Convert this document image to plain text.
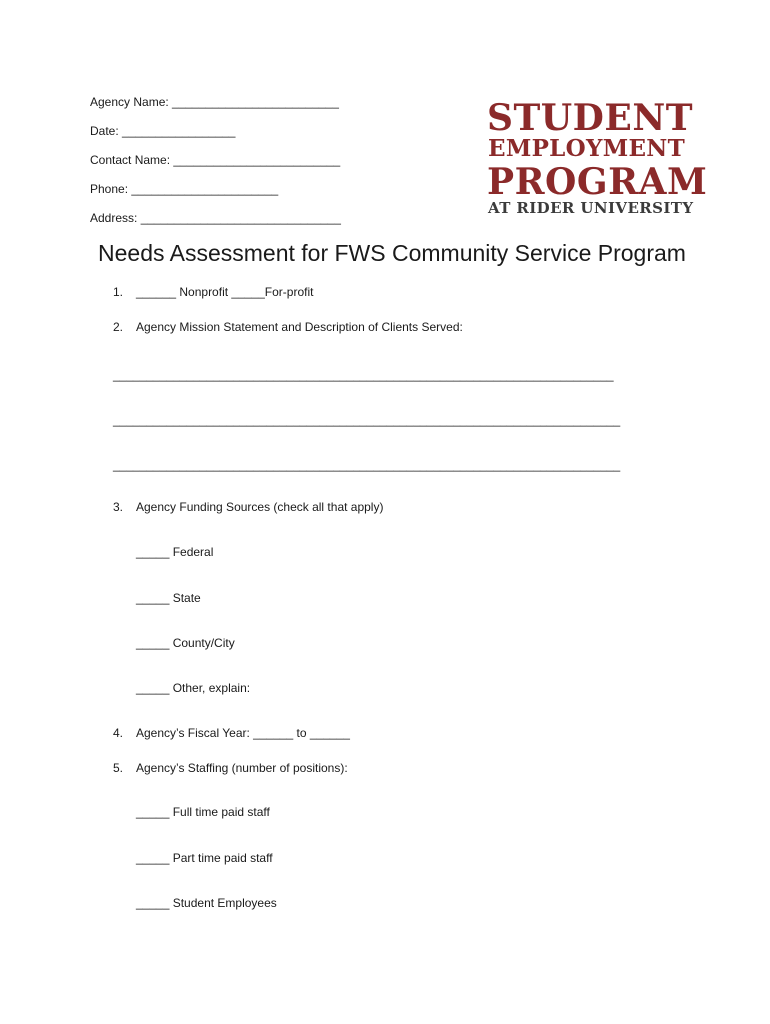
Agency Name: _________________________
Date: _________________
Contact Name: _________________________
Phone: ______________________
Address: ______________________________
STUDENT
EMPLOYMENT
PROGRAM
AT RIDER UNIVERSITY
Needs Assessment for FWS Community Service Program
1. ______ Nonprofit _____For-profit
2. Agency Mission Statement and Description of Clients Served:
___________________________________________________________________________
____________________________________________________________________________
____________________________________________________________________________
3. Agency Funding Sources (check all that apply)
_____ Federal
_____ State
_____ County/City
_____ Other, explain:
4. Agency’s Fiscal Year: ______ to ______
5. Agency’s Staffing (number of positions):
_____ Full time paid staff
_____ Part time paid staff
_____ Student Employees
